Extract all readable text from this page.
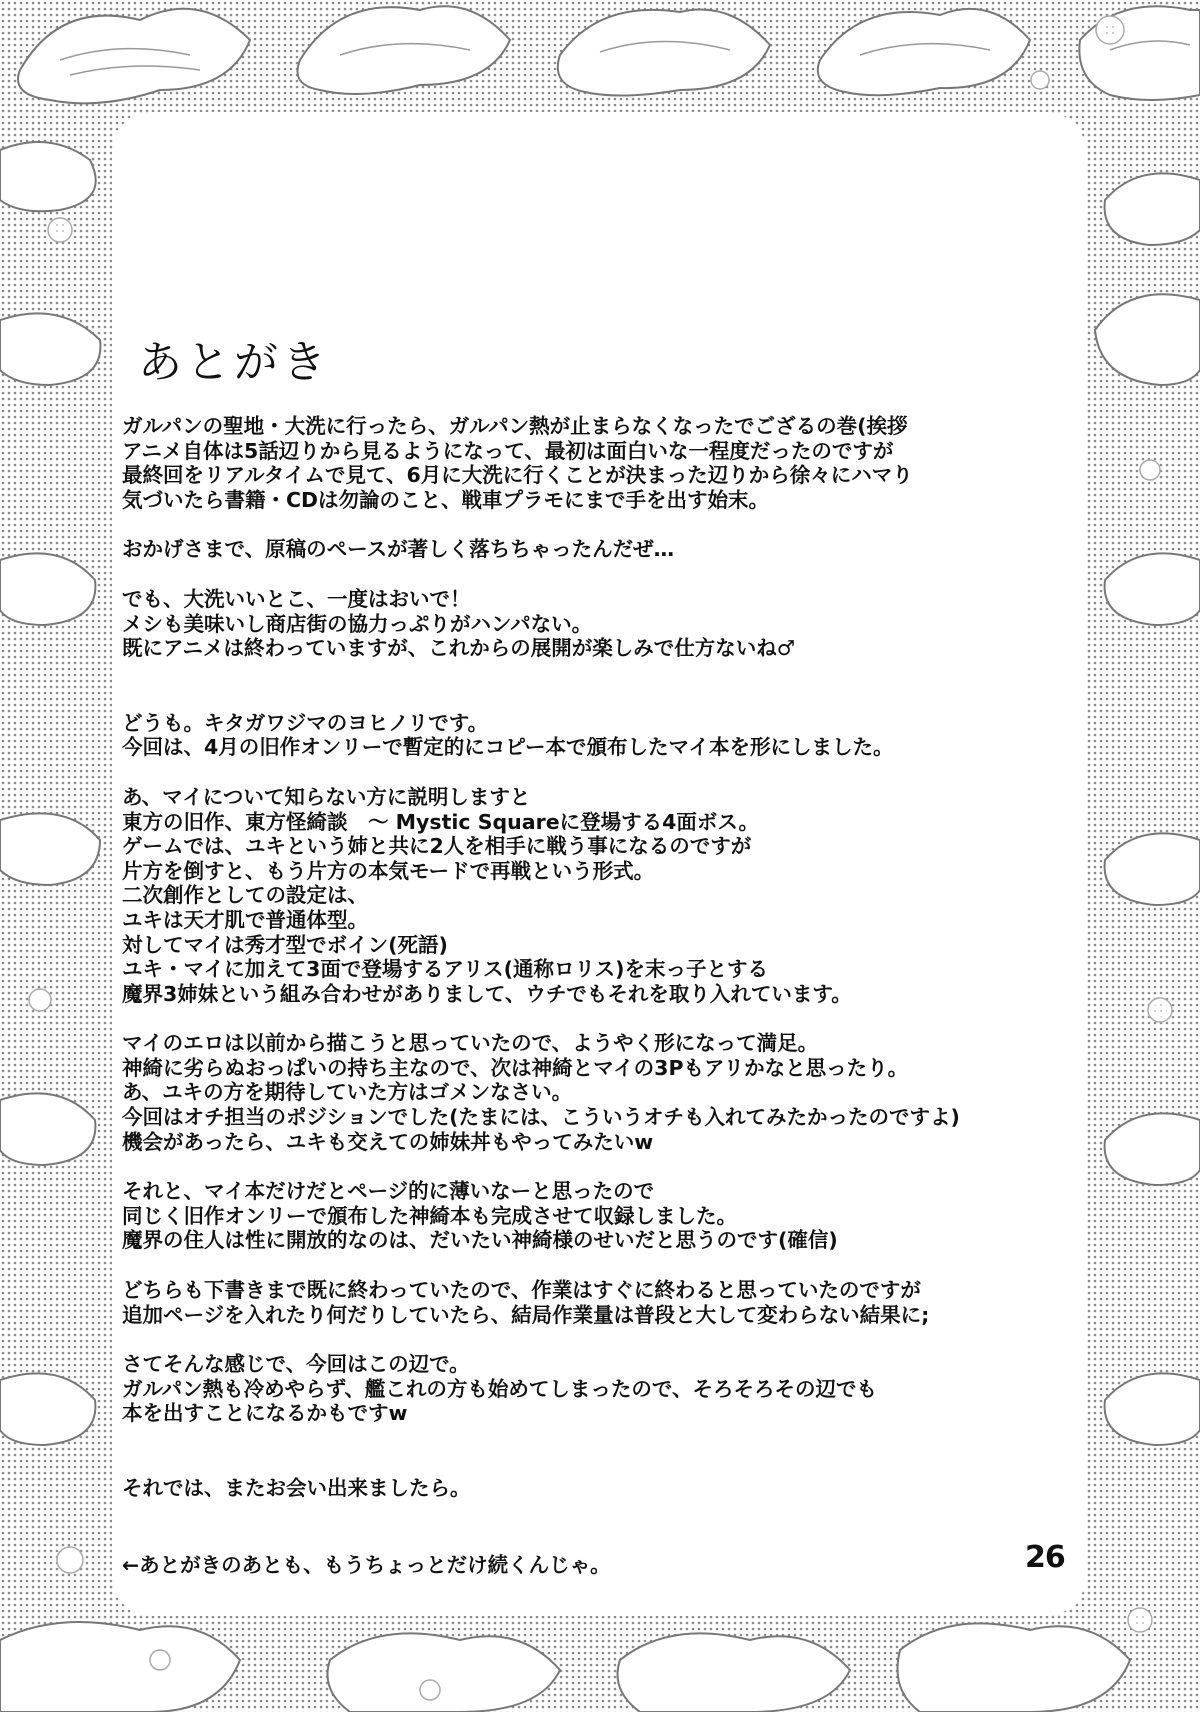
あとがき

ガルパンの聖地・大洗に行ったら、ガルパン熱が止まらなくなったでござるの巻(挨拶
アニメ自体は5話辺りから見るようになって、最初は面白いな一程度だったのですが
最終回をリアルタイムで見て、6月に大洗に行くことが決まった辺りから徐々にハマり
気づいたら書籍・CDは勿論のこと、戦車プラモにまで手を出す始末。

おかげさまで、原稿のペースが著しく落ちちゃったんだぜ…

でも、大洗いいとこ、一度はおいで！
メシも美味いし商店街の協力っぷりがハンパない。
既にアニメは終わっていますが、これからの展開が楽しみで仕方ないね♂

どうも。キタガワジマのヨヒノリです。
今回は、4月の旧作オンリーで暫定的にコピー本で頒布したマイ本を形にしました。

あ、マイについて知らない方に説明しますと
東方の旧作、東方怪綺談　～ Mystic Squareに登場する4面ボス。
ゲームでは、ユキという姉と共に2人を相手に戦う事になるのですが
片方を倒すと、もう片方の本気モードで再戦という形式。
二次創作としての設定は、
ユキは天才肌で普通体型。
対してマイは秀才型でボイン(死語)
ユキ・マイに加えて3面で登場するアリス(通称ロリス)を末っ子とする
魔界3姉妹という組み合わせがありまして、ウチでもそれを取り入れています。

マイのエロは以前から描こうと思っていたので、ようやく形になって満足。
神綺に劣らぬおっぱいの持ち主なので、次は神綺とマイの3Pもアリかなと思ったり。
あ、ユキの方を期待していた方はゴメンなさい。
今回はオチ担当のポジションでした(たまには、こういうオチも入れてみたかったのですよ)
機会があったら、ユキも交えての姉妹丼もやってみたいw

それと、マイ本だけだとページ的に薄いなーと思ったので
同じく旧作オンリーで頒布した神綺本も完成させて収録しました。
魔界の住人は性に開放的なのは、だいたい神綺様のせいだと思うのです(確信)

どちらも下書きまで既に終わっていたので、作業はすぐに終わると思っていたのですが
追加ページを入れたり何だりしていたら、結局作業量は普段と大して変わらない結果に;

さてそんな感じで、今回はこの辺で。
ガルパン熱も冷めやらず、艦これの方も始めてしまったので、そろそろその辺でも
本を出すことになるかもですw

それでは、またお会い出来ましたら。

←あとがきのあとも、もうちょっとだけ続くんじゃ。	26
